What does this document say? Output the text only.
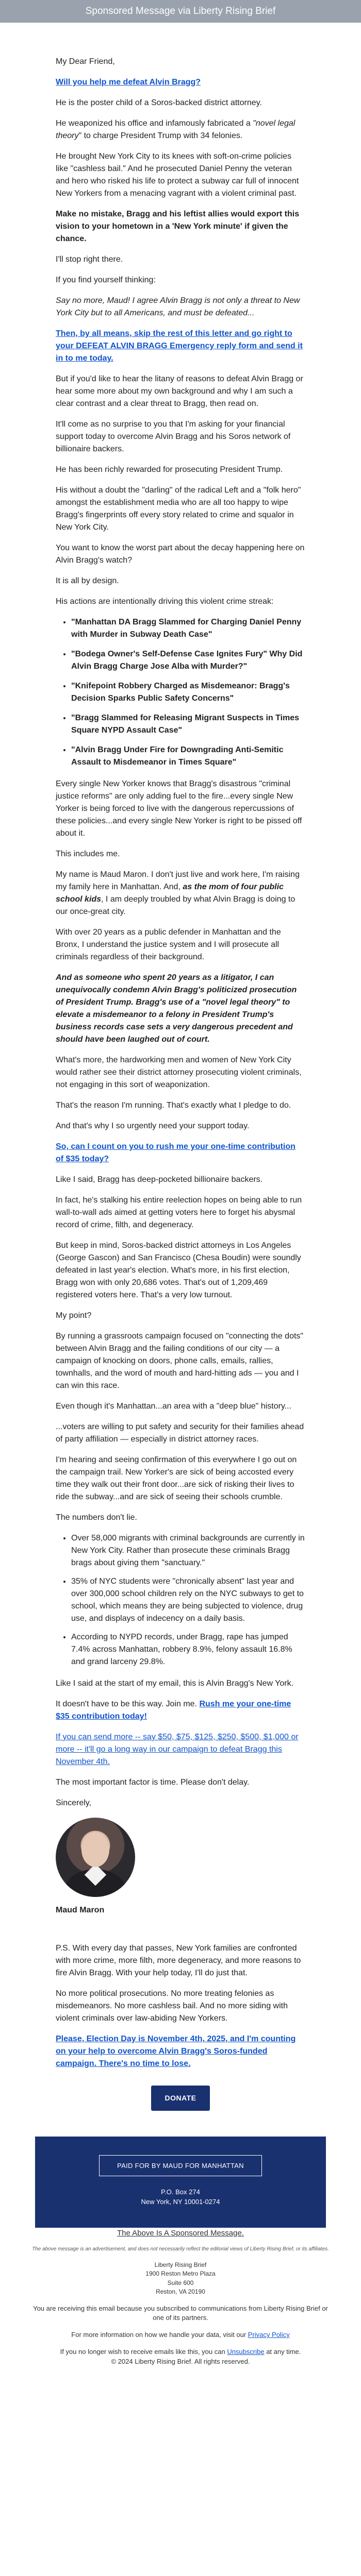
Sponsored Message via Liberty Rising Brief

My Dear Friend,

Will you help me defeat Alvin Bragg?

He is the poster child of a Soros-backed district attorney.

He weaponized his office and infamously fabricated a "novel legal theory" to charge President Trump with 34 felonies.

He brought New York City to its knees with soft-on-crime policies like "cashless bail." And he prosecuted Daniel Penny the veteran and hero who risked his life to protect a subway car full of innocent New Yorkers from a menacing vagrant with a violent criminal past.

Make no mistake, Bragg and his leftist allies would export this vision to your hometown in a 'New York minute' if given the chance.

I'll stop right there.

If you find yourself thinking:

Say no more, Maud! I agree Alvin Bragg is not only a threat to New York City but to all Americans, and must be defeated...

Then, by all means, skip the rest of this letter and go right to your DEFEAT ALVIN BRAGG Emergency reply form and send it in to me today.

But if you'd like to hear the litany of reasons to defeat Alvin Bragg or hear some more about my own background and why I am such a clear contrast and a clear threat to Bragg, then read on.

It'll come as no surprise to you that I'm asking for your financial support today to overcome Alvin Bragg and his Soros network of billionaire backers.

He has been richly rewarded for prosecuting President Trump.

His without a doubt the "darling" of the radical Left and a "folk hero" amongst the establishment media who are all too happy to wipe Bragg's fingerprints off every story related to crime and squalor in New York City.

You want to know the worst part about the decay happening here on Alvin Bragg's watch?

It is all by design.

His actions are intentionally driving this violent crime streak:

• "Manhattan DA Bragg Slammed for Charging Daniel Penny with Murder in Subway Death Case"
• "Bodega Owner's Self-Defense Case Ignites Fury" Why Did Alvin Bragg Charge Jose Alba with Murder?"
• "Knifepoint Robbery Charged as Misdemeanor: Bragg's Decision Sparks Public Safety Concerns"
• "Bragg Slammed for Releasing Migrant Suspects in Times Square NYPD Assault Case"
• "Alvin Bragg Under Fire for Downgrading Anti-Semitic Assault to Misdemeanor in Times Square"

Every single New Yorker knows that Bragg's disastrous "criminal justice reforms" are only adding fuel to the fire...every single New Yorker is being forced to live with the dangerous repercussions of these policies...and every single New Yorker is right to be pissed off about it.

This includes me.

My name is Maud Maron. I don't just live and work here, I'm raising my family here in Manhattan. And, as the mom of four public school kids, I am deeply troubled by what Alvin Bragg is doing to our once-great city.

With over 20 years as a public defender in Manhattan and the Bronx, I understand the justice system and I will prosecute all criminals regardless of their background.

And as someone who spent 20 years as a litigator, I can unequivocally condemn Alvin Bragg's politicized prosecution of President Trump. Bragg's use of a "novel legal theory" to elevate a misdemeanor to a felony in President Trump's business records case sets a very dangerous precedent and should have been laughed out of court.

What's more, the hardworking men and women of New York City would rather see their district attorney prosecuting violent criminals, not engaging in this sort of weaponization.

That's the reason I'm running. That's exactly what I pledge to do.

And that's why I so urgently need your support today.

So, can I count on you to rush me your one-time contribution of $35 today?

Like I said, Bragg has deep-pocketed billionaire backers.

In fact, he's stalking his entire reelection hopes on being able to run wall-to-wall ads aimed at getting voters here to forget his abysmal record of crime, filth, and degeneracy.

But keep in mind, Soros-backed district attorneys in Los Angeles (George Gascon) and San Francisco (Chesa Boudin) were soundly defeated in last year's election. What's more, in his first election, Bragg won with only 20,686 votes. That's out of 1,209,469 registered voters here. That's a very low turnout.

My point?

By running a grassroots campaign focused on "connecting the dots" between Alvin Bragg and the failing conditions of our city — a campaign of knocking on doors, phone calls, emails, rallies, townhalls, and the word of mouth and hard-hitting ads — you and I can win this race.

Even though it's Manhattan...an area with a "deep blue" history...

...voters are willing to put safety and security for their families ahead of party affiliation — especially in district attorney races.

I'm hearing and seeing confirmation of this everywhere I go out on the campaign trail. New Yorker's are sick of being accosted every time they walk out their front door...are sick of risking their lives to ride the subway...and are sick of seeing their schools crumble.

The numbers don't lie.

• Over 58,000 migrants with criminal backgrounds are currently in New York City. Rather than prosecute these criminals Bragg brags about giving them "sanctuary."
• 35% of NYC students were "chronically absent" last year and over 300,000 school children rely on the NYC subways to get to school, which means they are being subjected to violence, drug use, and displays of indecency on a daily basis.
• According to NYPD records, under Bragg, rape has jumped 7.4% across Manhattan, robbery 8.9%, felony assault 16.8% and grand larceny 29.8%.

Like I said at the start of my email, this is Alvin Bragg's New York.

It doesn't have to be this way. Join me. Rush me your one-time $35 contribution today!

If you can send more -- say $50, $75, $125, $250, $500, $1,000 or more -- it'll go a long way in our campaign to defeat Bragg this November 4th.

The most important factor is time. Please don't delay.

Sincerely,

Maud Maron

P.S. With every day that passes, New York families are confronted with more crime, more filth, more degeneracy, and more reasons to fire Alvin Bragg. With your help today, I'll do just that.

No more political prosecutions. No more treating felonies as misdemeanors. No more cashless bail. And no more siding with violent criminals over law-abiding New Yorkers.

Please, Election Day is November 4th, 2025, and I'm counting on your help to overcome Alvin Bragg's Soros-funded campaign. There's no time to lose.

DONATE
PAID FOR BY MAUD FOR MANHATTAN
P.O. Box 274
New York, NY 10001-0274

The Above Is A Sponsored Message.

The above message is an advertisement, and does not necessarily reflect the editorial views of Liberty Rising Brief, or its affiliates.

Liberty Rising Brief
1900 Reston Metro Plaza
Suite 600
Reston, VA 20190

You are receiving this email because you subscribed to communications from Liberty Rising Brief or one of its partners.

For more information on how we handle your data, visit our Privacy Policy

If you no longer wish to receive emails like this, you can Unsubscribe at any time.
© 2024 Liberty Rising Brief. All rights reserved.
